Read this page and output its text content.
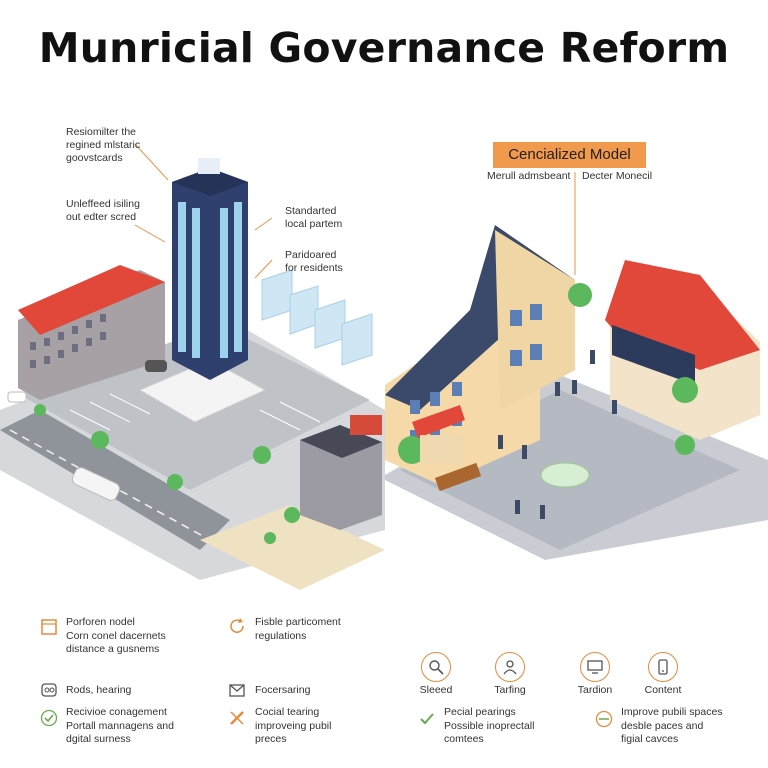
Munricial Governance Reform
Resiomilter the
regined mlstaric
goovstcards
Unleffeed isiling
out edter scred	Standarted
local partem
Paridoared
for residents
Cencialized Model
Merull admsbeant Decter Monecil
Porforen nodel
Corn conel dacernets
distance a gusnems
Fisble particoment
regulations
Rods, hearing	Focersaring
Recivioe conagement
Portall mannagens and
dgital surness
Cocial tearing
improveing pubil
preces
Sleeed	Tarfing	Tardion	Content
Pecial pearings
Possible inoprectall
comtees
Improve pubili spaces
desble paces and
figial cavces
